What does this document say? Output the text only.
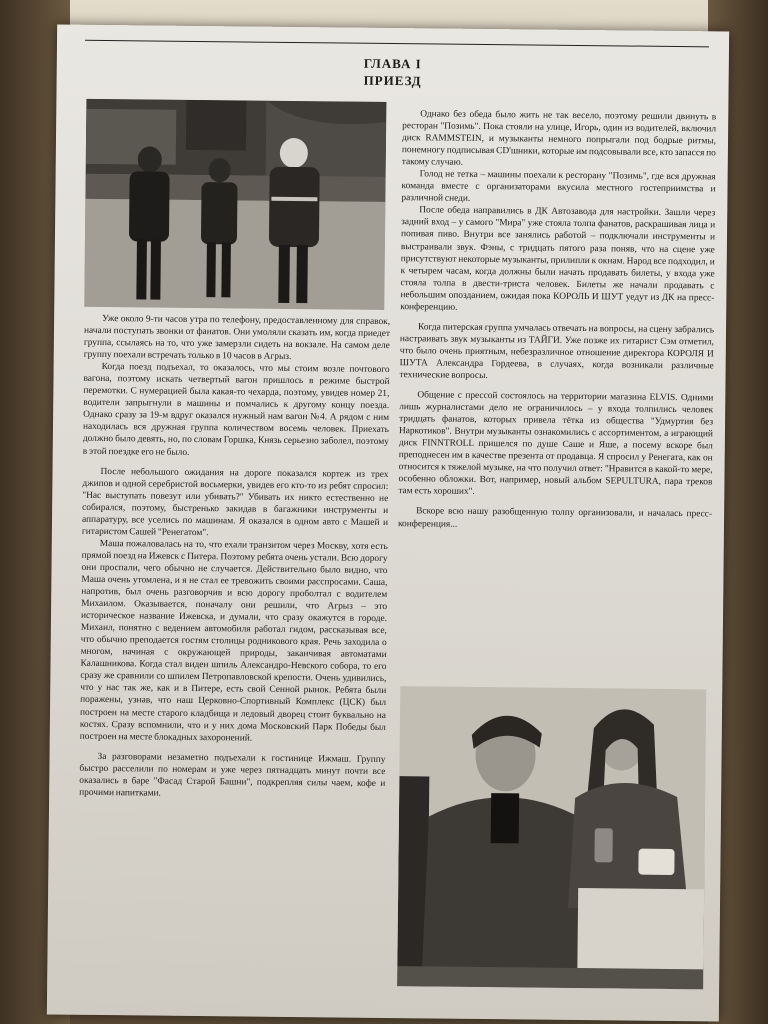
ГЛАВА I
ПРИЕЗД

Уже около 9-ти часов утра по телефону, предоставленному для справок, начали поступать звонки от фанатов. Они умоляли сказать им, когда приедет группа, ссылаясь на то, что уже замерзли сидеть на вокзале. На самом деле группу поехали встречать только в 10 часов в Агрыз.

Когда поезд подъехал, то оказалось, что мы стоим возле почтового вагона, поэтому искать четвертый вагон пришлось в режиме быстрой перемотки. С нумерацией была какая-то чехарда, поэтому, увидев номер 21, водители запрыгнули в машины и помчались к другому концу поезда. Однако сразу за 19-м вдруг оказался нужный нам вагон №4. А рядом с ним находилась вся дружная группа количеством восемь человек. Приехать должно было девять, но, по словам Горшка, Князь серьезно заболел, поэтому в этой поездке его не было.

После небольшого ожидания на дороге показался кортеж из трех джипов и одной серебристой восьмерки, увидев его кто-то из ребят спросил: "Нас выступать повезут или убивать?" Убивать их никто естественно не собирался, поэтому, быстренько закидав в багажники инструменты и аппаратуру, все уселись по машинам. Я оказался в одном авто с Машей и гитаристом Сашей "Ренегатом".

Маша пожаловалась на то, что ехали транзитом через Москву, хотя есть прямой поезд на Ижевск с Питера. Поэтому ребята очень устали. Всю дорогу они проспали, чего обычно не случается. Действительно было видно, что Маша очень утомлена, и я не стал ее тревожить своими расспросами. Саша, напротив, был очень разговорчив и всю дорогу проболтал с водителем Михаилом. Оказывается, поначалу они решили, что Агрыз – это историческое название Ижевска, и думали, что сразу окажутся в городе. Михаил, понятно с ведением автомобиля работал гидом, рассказывая все, что обычно преподается гостям столицы родникового края. Речь заходила о многом, начиная с окружающей природы, заканчивая автоматами Калашникова. Когда стал виден шпиль Александро-Невского собора, то его сразу же сравнили со шпилем Петропавловской крепости. Очень удивились, что у нас так же, как и в Питере, есть свой Сенной рынок. Ребята были поражены, узнав, что наш Церковно-Спортивный Комплекс (ЦСК) был построен на месте старого кладбища и ледовый дворец стоит буквально на костях. Сразу вспомнили, что и у них дома Московский Парк Победы был построен на месте блокадных захоронений.

За разговорами незаметно подъехали к гостинице Ижмаш. Группу быстро расселили по номерам и уже через пятнадцать минут почти все оказались в баре "Фасад Старой Башни", подкрепляя силы чаем, кофе и прочими напитками.

Однако без обеда было жить не так весело, поэтому решили двинуть в ресторан "Позимь". Пока стояли на улице, Игорь, один из водителей, включил диск RAMMSTEIN, и музыканты немного попрыгали под бодрые ритмы, понемногу подписывая CD'шники, которые им подсовывали все, кто запасся по такому случаю.

Голод не тетка – машины поехали к ресторану "Позимь", где вся дружная команда вместе с организаторами вкусила местного гостеприимства и различной снеди.

После обеда направились в ДК Автозавода для настройки. Зашли через задний вход – у самого "Мира" уже стояла толпа фанатов, раскрашивая лица и попивая пиво. Внутри все занялись работой – подключали инструменты и выстраивали звук. Фэны, с тридцать пятого раза поняв, что на сцене уже присутствуют некоторые музыканты, прилипли к окнам. Народ все подходил, и к четырем часам, когда должны были начать продавать билеты, у входа уже стояла толпа в двести-триста человек. Билеты же начали продавать с небольшим опозданием, ожидая пока КОРОЛЬ И ШУТ уедут из ДК на пресс-конференцию.

Когда питерская группа умчалась отвечать на вопросы, на сцену забрались настраивать звук музыканты из ТАЙГИ. Уже позже их гитарист Сэм отметил, что было очень приятным, небезразличное отношение директора КОРОЛЯ И ШУТА Александра Гордеева, в случаях, когда возникали различные технические вопросы.

Общение с прессой состоялось на территории магазина ELVIS. Одними лишь журналистами дело не ограничилось – у входа толпились человек тридцать фанатов, которых привела тётка из общества "Удмуртия без Наркотиков". Внутри музыканты ознакомились с ассортиментом, а играющий диск FINNTROLL пришелся по душе Саше и Яше, а посему вскоре был преподнесен им в качестве презента от продавца. Я спросил у Ренегата, как он относится к тяжелой музыке, на что получил ответ: "Нравится в какой-то мере, особенно обложки. Вот, например, новый альбом SEPULTURA, пара треков там есть хороших".

Вскоре всю нашу разобщенную толпу организовали, и началась пресс-конференция...
